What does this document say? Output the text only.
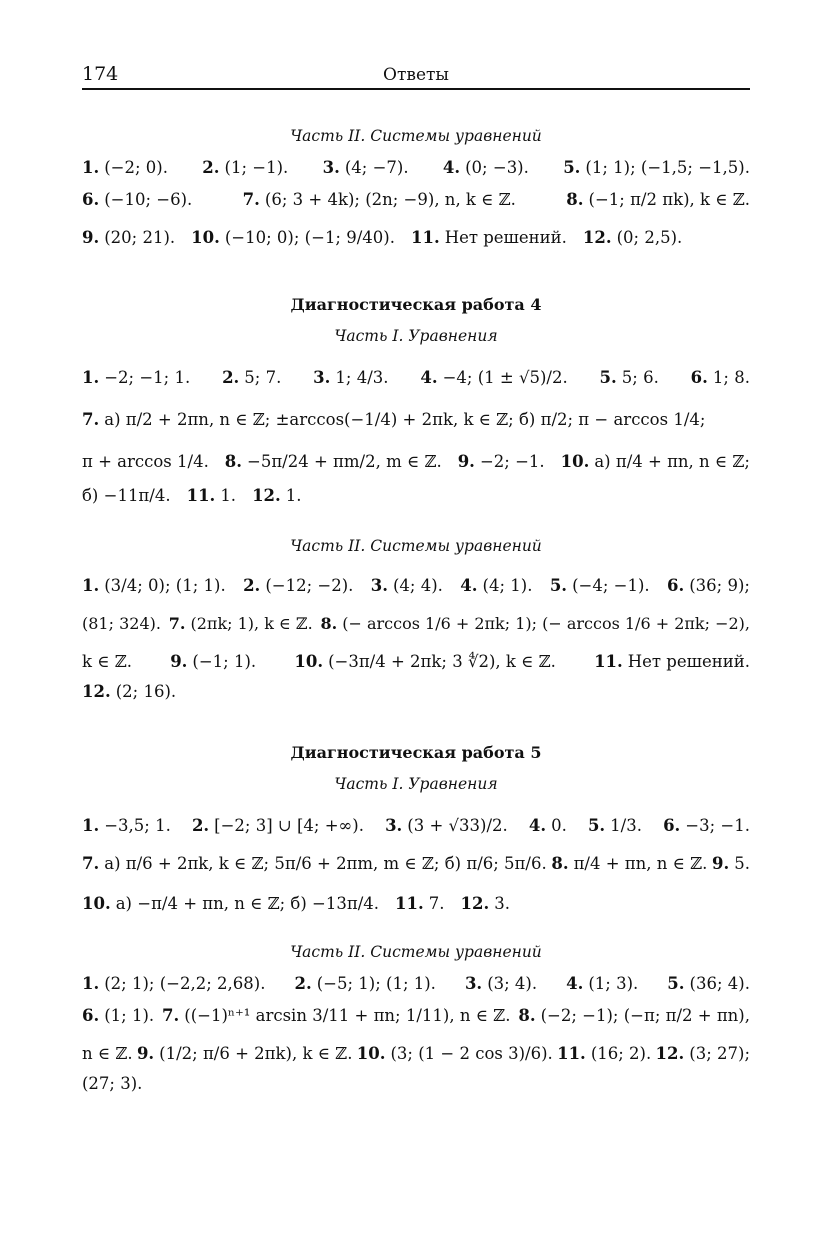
174	Ответы
Часть II. Системы уравнений
1. (−2; 0). 2. (1; −1). 3. (4; −7). 4. (0; −3). 5. (1; 1); (−1,5; −1,5).
6. (−10; −6).	7. (6; 3 + 4k); (2n; −9), n, k ∈ ℤ.	8. (−1; π/2 πk), k ∈ ℤ.
9. (20; 21). 10. (−10; 0); (−1; 9/40). 11. Нет решений. 12. (0; 2,5).
Диагностическая работа 4
Часть I. Уравнения
1. −2; −1; 1. 2. 5; 7. 3. 1; 4/3. 4. −4; (1 ± √5)/2. 5. 5; 6. 6. 1; 8.
7. а) π/2 + 2πn, n ∈ ℤ; ±arccos(−1/4) + 2πk, k ∈ ℤ; б) π/2; π − arccos 1/4;
π + arccos 1/4. 8. −5π/24 + πm/2, m ∈ ℤ. 9. −2; −1. 10. а) π/4 + πn, n ∈ ℤ;
б) −11π/4. 11. 1. 12. 1.
Часть II. Системы уравнений
1. (3/4; 0); (1; 1). 2. (−12; −2). 3. (4; 4). 4. (4; 1). 5. (−4; −1). 6. (36; 9);
(81; 324). 7. (2πk; 1), k ∈ ℤ. 8. (− arccos 1/6 + 2πk; 1); (− arccos 1/6 + 2πk; −2),
k ∈ ℤ. 9. (−1; 1). 10. (−3π/4 + 2πk; 3 ∜2), k ∈ ℤ. 11. Нет решений.
12. (2; 16).
Диагностическая работа 5
Часть I. Уравнения
1. −3,5; 1. 2. [−2; 3] ∪ [4; +∞). 3. (3 + √33)/2. 4. 0. 5. 1/3. 6. −3; −1.
7. а) π/6 + 2πk, k ∈ ℤ; 5π/6 + 2πm, m ∈ ℤ; б) π/6; 5π/6. 8. π/4 + πn, n ∈ ℤ. 9. 5.
10. а) −π/4 + πn, n ∈ ℤ; б) −13π/4. 11. 7. 12. 3.
Часть II. Системы уравнений
1. (2; 1); (−2,2; 2,68). 2. (−5; 1); (1; 1). 3. (3; 4). 4. (1; 3). 5. (36; 4).
6. (1; 1). 7. ((−1)ⁿ⁺¹ arcsin 3/11 + πn; 1/11), n ∈ ℤ. 8. (−2; −1); (−π; π/2 + πn),
n ∈ ℤ. 9. (1/2; π/6 + 2πk), k ∈ ℤ. 10. (3; (1 − 2 cos 3)/6). 11. (16; 2). 12. (3; 27);
(27; 3).
